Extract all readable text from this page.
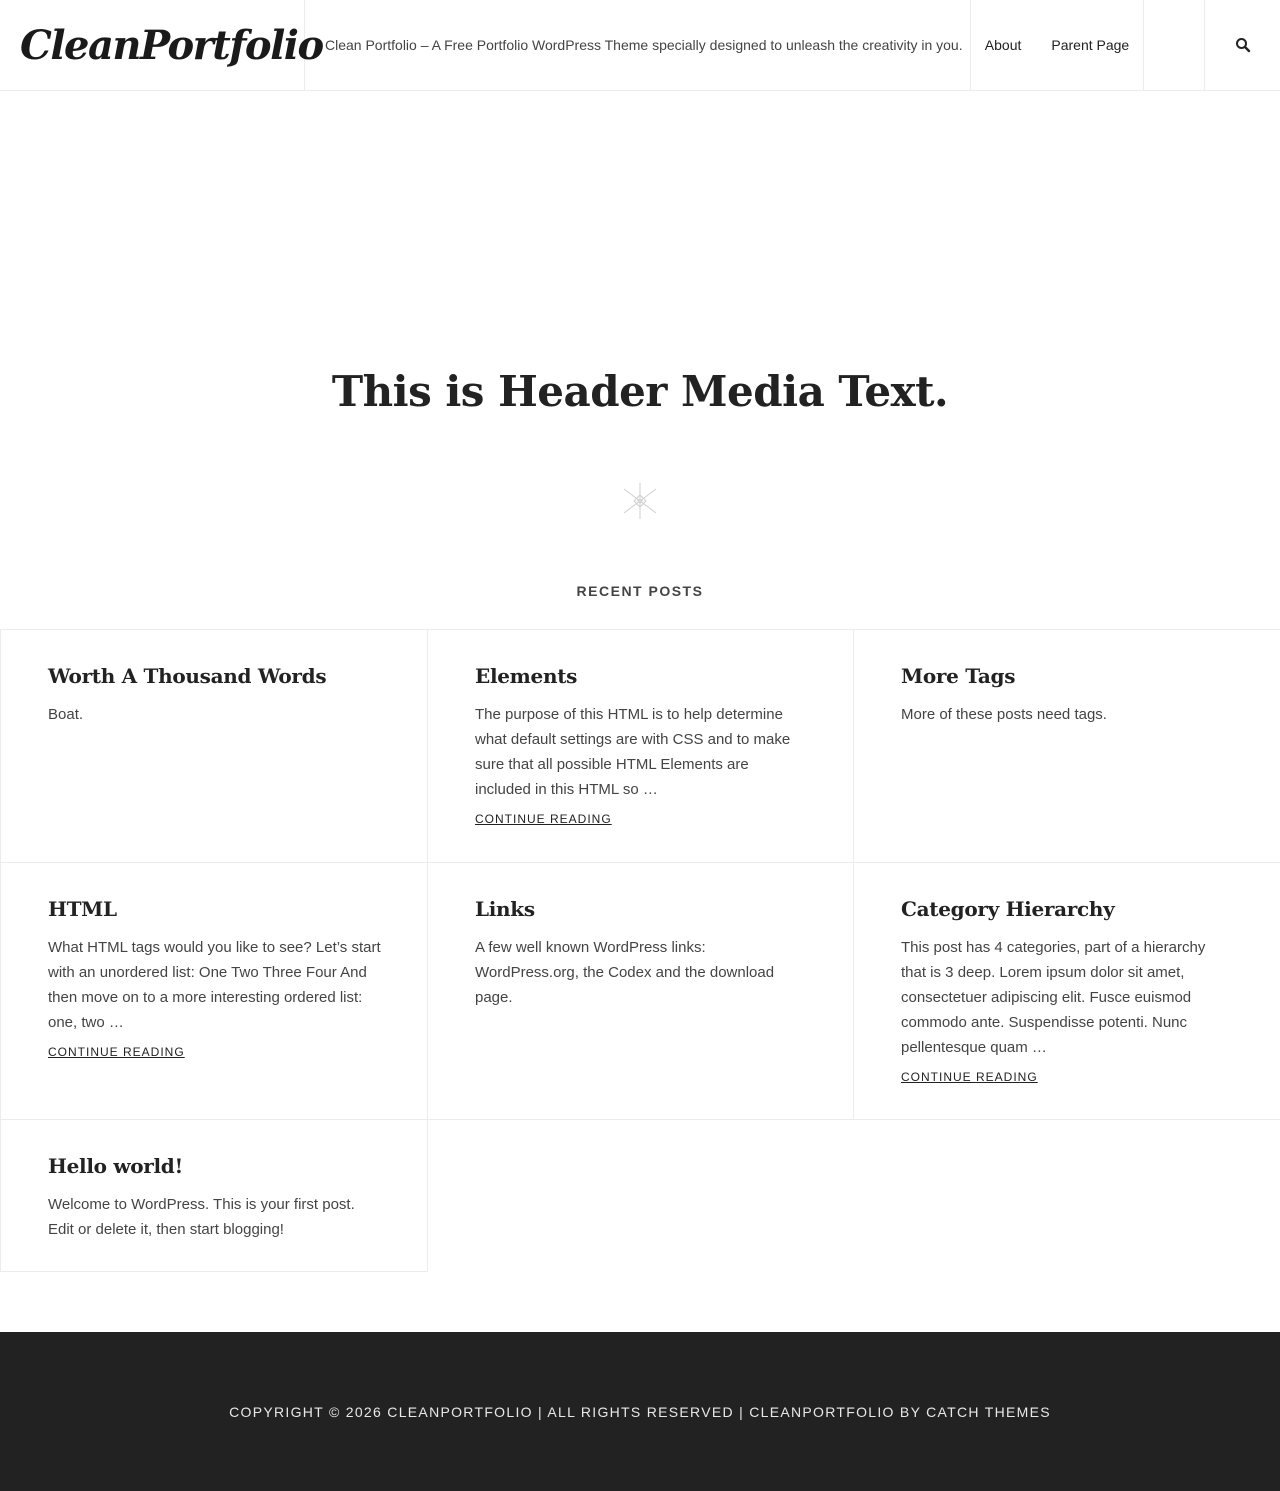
CleanPortfolio Clean Portfolio – A Free Portfolio WordPress Theme specially designed to unleash the creativity in you. About Parent Page
This is Header Media Text.
RECENT POSTS
Worth A Thousand Words

Boat.

Elements

The purpose of this HTML is to help determine what default settings are with CSS and to make sure that all possible HTML Elements are included in this HTML so …

CONTINUE READING
More Tags

More of these posts need tags.

HTML

What HTML tags would you like to see? Let’s start with an unordered list: One Two Three Four And then move on to a more interesting ordered list: one, two …

CONTINUE READING
Links

A few well known WordPress links: WordPress.org, the Codex and the download page.

Category Hierarchy

This post has 4 categories, part of a hierarchy that is 3 deep. Lorem ipsum dolor sit amet, consectetuer adipiscing elit. Fusce euismod commodo ante. Suspendisse potenti. Nunc pellentesque quam …

CONTINUE READING
Hello world!

Welcome to WordPress. This is your first post. Edit or delete it, then start blogging!

COPYRIGHT © 2026 CLEANPORTFOLIO | ALL RIGHTS RESERVED | CLEANPORTFOLIO BY CATCH THEMES
